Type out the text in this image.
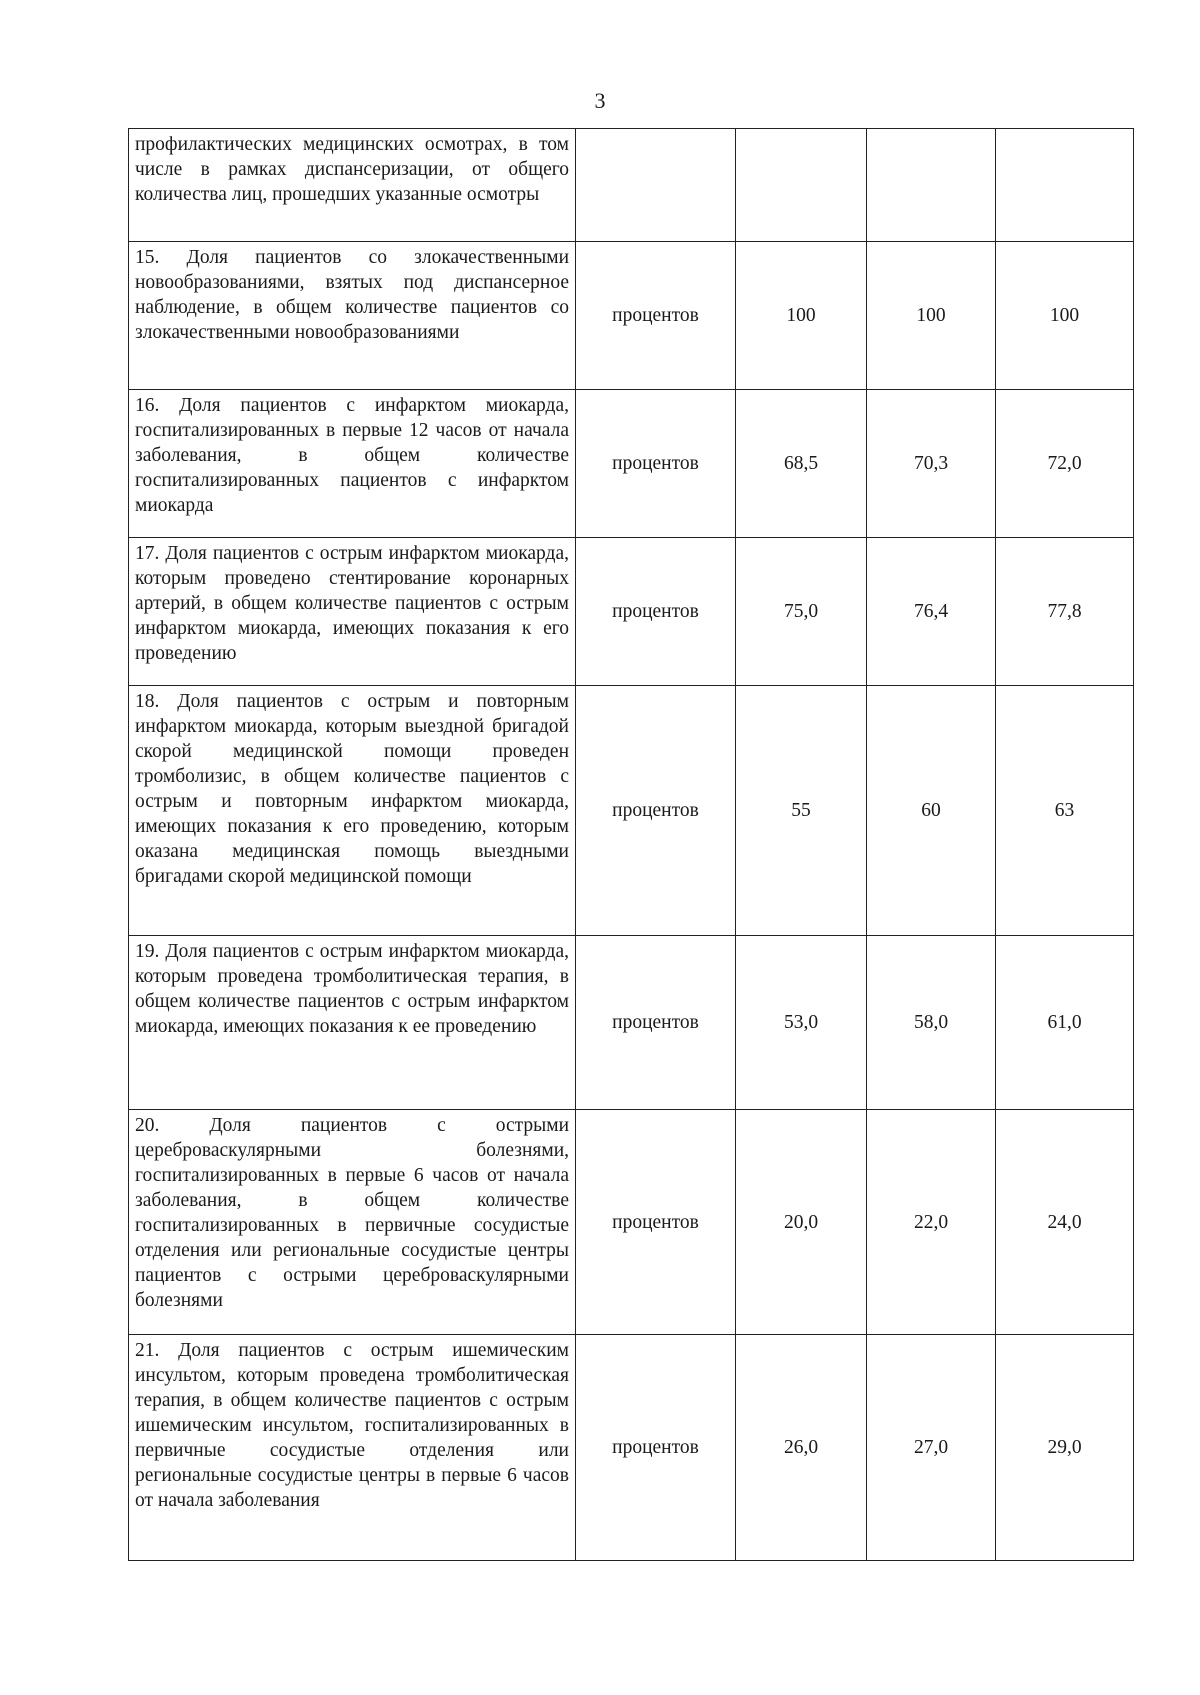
3
профилактических медицинских осмотрах, в том числе в рамках диспансеризации, от общего количества лиц, прошедших указанные осмотры				
15. Доля пациентов со злокачественными новообразованиями, взятых под диспансерное наблюдение, в общем количестве пациентов со злокачественными новообразованиями	процентов	100	100	100
16. Доля пациентов с инфарктом миокарда, госпитализированных в первые 12 часов от начала заболевания, в общем количестве госпитализированных пациентов с инфарктом миокарда	процентов	68,5	70,3	72,0
17. Доля пациентов с острым инфарктом миокарда, которым проведено стентирование коронарных артерий, в общем количестве пациентов с острым инфарктом миокарда, имеющих показания к его проведению	процентов	75,0	76,4	77,8
18. Доля пациентов с острым и повторным инфарктом миокарда, которым выездной бригадой скорой медицинской помощи проведен тромболизис, в общем количестве пациентов с острым и повторным инфарктом миокарда, имеющих показания к его проведению, которым оказана медицинская помощь выездными бригадами скорой медицинской помощи	процентов	55	60	63
19. Доля пациентов с острым инфарктом миокарда, которым проведена тромболитическая терапия, в общем количестве пациентов с острым инфарктом миокарда, имеющих показания к ее проведению	процентов	53,0	58,0	61,0
20. Доля пациентов с острыми цереброваскулярными болезнями, госпитализированных в первые 6 часов от начала заболевания, в общем количестве госпитализированных в первичные сосудистые отделения или региональные сосудистые центры пациентов с острыми цереброваскулярными болезнями	процентов	20,0	22,0	24,0
21. Доля пациентов с острым ишемическим инсультом, которым проведена тромболитическая терапия, в общем количестве пациентов с острым ишемическим инсультом, госпитализированных в первичные сосудистые отделения или региональные сосудистые центры в первые 6 часов от начала заболевания	процентов	26,0	27,0	29,0
